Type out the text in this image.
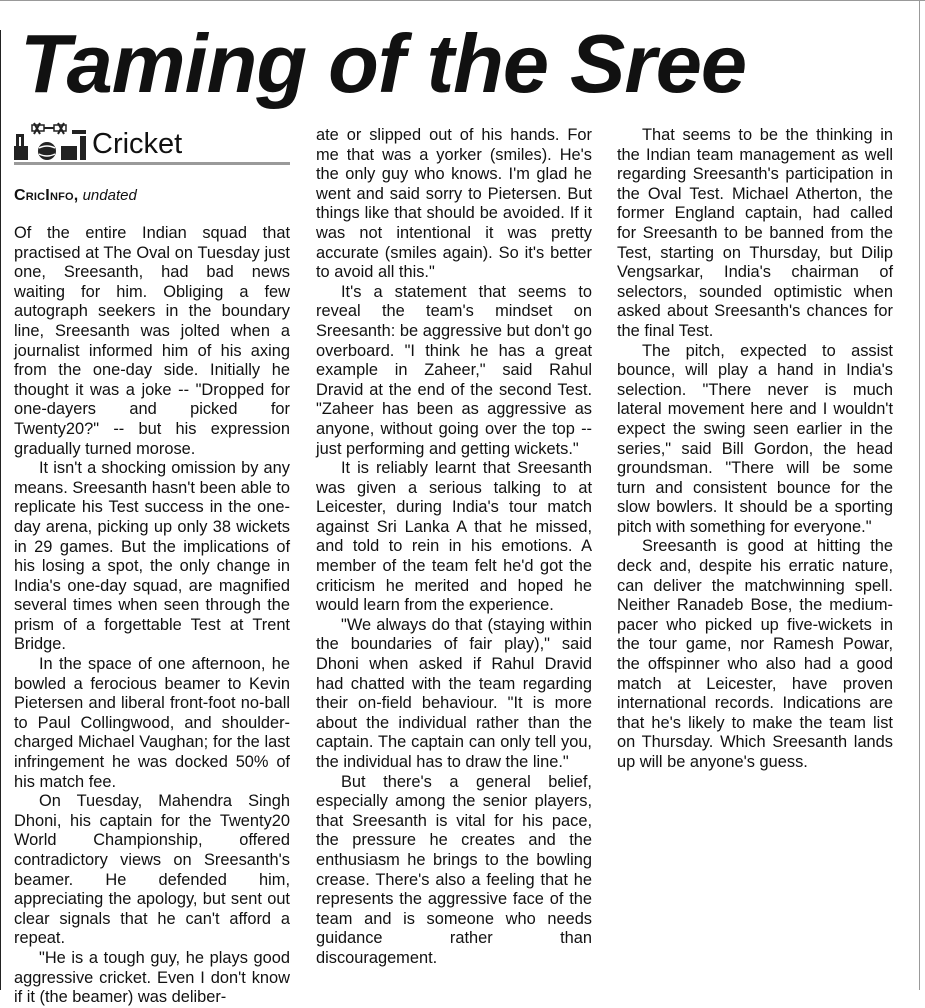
Taming of the Sree
Cricket
CricInfo, undated

Of the entire Indian squad that practised at The Oval on Tuesday just one, Sreesanth, had bad news waiting for him. Obliging a few autograph seekers in the boundary line, Sreesanth was jolted when a journalist informed him of his axing from the one-day side. Initially he thought it was a joke -- "Dropped for one-dayers and picked for Twenty20?" -- but his expression gradually turned morose.

It isn't a shocking omission by any means. Sreesanth hasn't been able to replicate his Test success in the one-day arena, picking up only 38 wickets in 29 games. But the implications of his losing a spot, the only change in India's one-day squad, are magnified several times when seen through the prism of a forgettable Test at Trent Bridge.

In the space of one afternoon, he bowled a ferocious beamer to Kevin Pietersen and liberal front-foot no-ball to Paul Collingwood, and shoulder-charged Michael Vaughan; for the last infringement he was docked 50% of his match fee.

On Tuesday, Mahendra Singh Dhoni, his captain for the Twenty20 World Championship, offered contradictory views on Sreesanth's beamer. He defended him, appreciating the apology, but sent out clear signals that he can't afford a repeat.

"He is a tough guy, he plays good aggressive cricket. Even I don't know if it (the beamer) was deliber-

ate or slipped out of his hands. For me that was a yorker (smiles). He's the only guy who knows. I'm glad he went and said sorry to Pietersen. But things like that should be avoided. If it was not intentional it was pretty accurate (smiles again). So it's better to avoid all this."

It's a statement that seems to reveal the team's mindset on Sreesanth: be aggressive but don't go overboard. "I think he has a great example in Zaheer," said Rahul Dravid at the end of the second Test. "Zaheer has been as aggressive as anyone, without going over the top -- just performing and getting wickets."

It is reliably learnt that Sreesanth was given a serious talking to at Leicester, during India's tour match against Sri Lanka A that he missed, and told to rein in his emotions. A member of the team felt he'd got the criticism he merited and hoped he would learn from the experience.

"We always do that (staying within the boundaries of fair play)," said Dhoni when asked if Rahul Dravid had chatted with the team regarding their on-field behaviour. "It is more about the individual rather than the captain. The captain can only tell you, the individual has to draw the line."

But there's a general belief, especially among the senior players, that Sreesanth is vital for his pace, the pressure he creates and the enthusiasm he brings to the bowling crease. There's also a feeling that he represents the aggressive face of the team and is someone who needs guidance rather than discouragement.

That seems to be the thinking in the Indian team management as well regarding Sreesanth's participation in the Oval Test. Michael Atherton, the former England captain, had called for Sreesanth to be banned from the Test, starting on Thursday, but Dilip Vengsarkar, India's chairman of selectors, sounded optimistic when asked about Sreesanth's chances for the final Test.

The pitch, expected to assist bounce, will play a hand in India's selection. "There never is much lateral movement here and I wouldn't expect the swing seen earlier in the series," said Bill Gordon, the head groundsman. "There will be some turn and consistent bounce for the slow bowlers. It should be a sporting pitch with something for everyone."

Sreesanth is good at hitting the deck and, despite his erratic nature, can deliver the matchwinning spell. Neither Ranadeb Bose, the medium-pacer who picked up five-wickets in the tour game, nor Ramesh Powar, the offspinner who also had a good match at Leicester, have proven international records. Indications are that he's likely to make the team list on Thursday. Which Sreesanth lands up will be anyone's guess.
